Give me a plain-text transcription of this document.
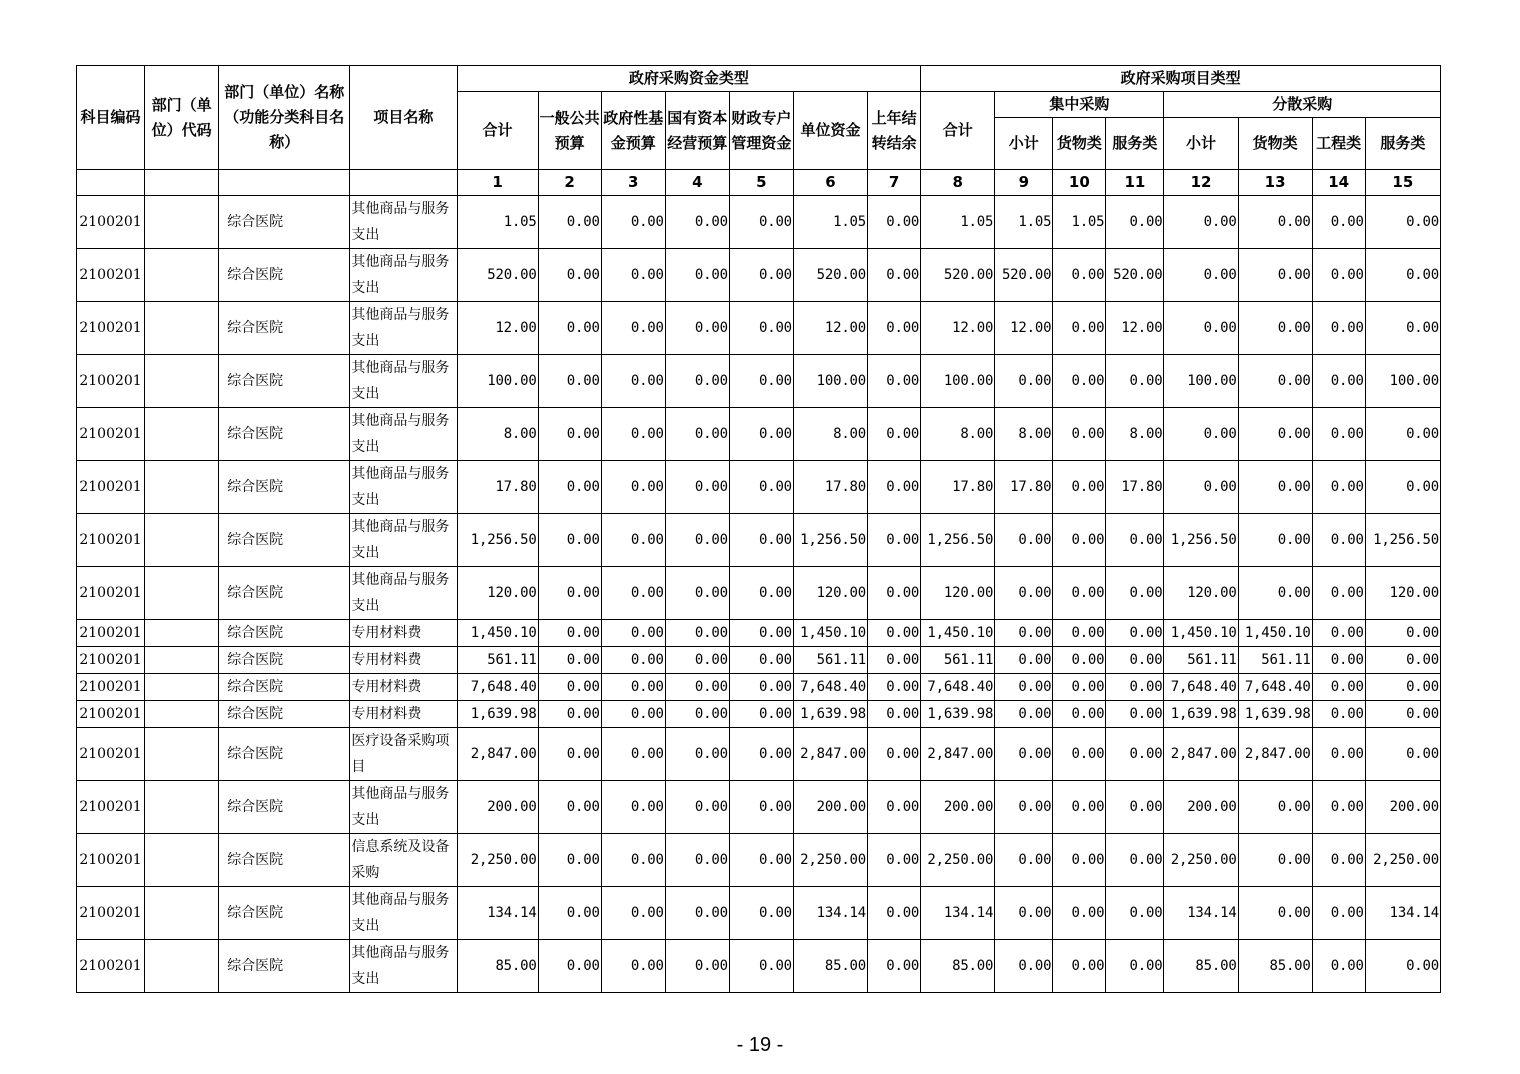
科目编码	部门（单位）代码	部门（单位）名称（功能分类科目名称）	项目名称	政府采购资金类型							政府采购项目类型							
				合计	一般公共预算	政府性基金预算	国有资本经营预算	财政专户管理资金	单位资金	上年结转结余	合计	集中采购			分散采购			
												小计	货物类	服务类	小计	货物类	工程类	服务类
				1	2	3	4	5	6	7	8	9	10	11	12	13	14	15
2100201		综合医院	其他商品与服务支出	1.05	0.00	0.00	0.00	0.00	1.05	0.00	1.05	1.05	1.05	0.00	0.00	0.00	0.00	0.00
2100201		综合医院	其他商品与服务支出	520.00	0.00	0.00	0.00	0.00	520.00	0.00	520.00	520.00	0.00	520.00	0.00	0.00	0.00	0.00
2100201		综合医院	其他商品与服务支出	12.00	0.00	0.00	0.00	0.00	12.00	0.00	12.00	12.00	0.00	12.00	0.00	0.00	0.00	0.00
2100201		综合医院	其他商品与服务支出	100.00	0.00	0.00	0.00	0.00	100.00	0.00	100.00	0.00	0.00	0.00	100.00	0.00	0.00	100.00
2100201		综合医院	其他商品与服务支出	8.00	0.00	0.00	0.00	0.00	8.00	0.00	8.00	8.00	0.00	8.00	0.00	0.00	0.00	0.00
2100201		综合医院	其他商品与服务支出	17.80	0.00	0.00	0.00	0.00	17.80	0.00	17.80	17.80	0.00	17.80	0.00	0.00	0.00	0.00
2100201		综合医院	其他商品与服务支出	1,256.50	0.00	0.00	0.00	0.00	1,256.50	0.00	1,256.50	0.00	0.00	0.00	1,256.50	0.00	0.00	1,256.50
2100201		综合医院	其他商品与服务支出	120.00	0.00	0.00	0.00	0.00	120.00	0.00	120.00	0.00	0.00	0.00	120.00	0.00	0.00	120.00
2100201		综合医院	专用材料费	1,450.10	0.00	0.00	0.00	0.00	1,450.10	0.00	1,450.10	0.00	0.00	0.00	1,450.10	1,450.10	0.00	0.00
2100201		综合医院	专用材料费	561.11	0.00	0.00	0.00	0.00	561.11	0.00	561.11	0.00	0.00	0.00	561.11	561.11	0.00	0.00
2100201		综合医院	专用材料费	7,648.40	0.00	0.00	0.00	0.00	7,648.40	0.00	7,648.40	0.00	0.00	0.00	7,648.40	7,648.40	0.00	0.00
2100201		综合医院	专用材料费	1,639.98	0.00	0.00	0.00	0.00	1,639.98	0.00	1,639.98	0.00	0.00	0.00	1,639.98	1,639.98	0.00	0.00
2100201		综合医院	医疗设备采购项目	2,847.00	0.00	0.00	0.00	0.00	2,847.00	0.00	2,847.00	0.00	0.00	0.00	2,847.00	2,847.00	0.00	0.00
2100201		综合医院	其他商品与服务支出	200.00	0.00	0.00	0.00	0.00	200.00	0.00	200.00	0.00	0.00	0.00	200.00	0.00	0.00	200.00
2100201		综合医院	信息系统及设备采购	2,250.00	0.00	0.00	0.00	0.00	2,250.00	0.00	2,250.00	0.00	0.00	0.00	2,250.00	0.00	0.00	2,250.00
2100201		综合医院	其他商品与服务支出	134.14	0.00	0.00	0.00	0.00	134.14	0.00	134.14	0.00	0.00	0.00	134.14	0.00	0.00	134.14
2100201		综合医院	其他商品与服务支出	85.00	0.00	0.00	0.00	0.00	85.00	0.00	85.00	0.00	0.00	0.00	85.00	85.00	0.00	0.00
- 19 -
